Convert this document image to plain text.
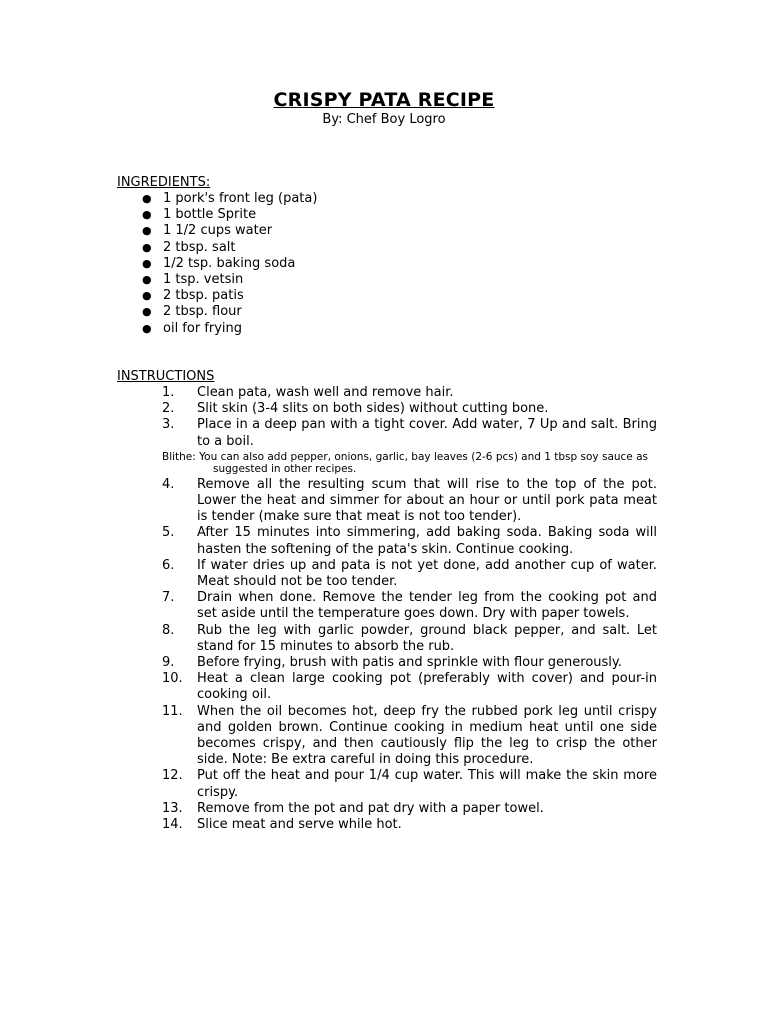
CRISPY PATA RECIPE
By: Chef Boy Logro
INGREDIENTS:
● 1 pork's front leg (pata)
● 1 bottle Sprite
● 1 1/2 cups water
● 2 tbsp. salt
● 1/2 tsp. baking soda
● 1 tsp. vetsin
● 2 tbsp. patis
● 2 tbsp. flour
● oil for frying
INSTRUCTIONS
1. Clean pata, wash well and remove hair.
2. Slit skin (3-4 slits on both sides) without cutting bone.
3. Place in a deep pan with a tight cover. Add water, 7 Up and salt. Bring to a boil.
Blithe: You can also add pepper, onions, garlic, bay leaves (2-6 pcs) and 1 tbsp soy sauce as suggested in other recipes.
4. Remove all the resulting scum that will rise to the top of the pot. Lower the heat and simmer for about an hour or until pork pata meat is tender (make sure that meat is not too tender).
5. After 15 minutes into simmering, add baking soda. Baking soda will hasten the softening of the pata's skin. Continue cooking.
6. If water dries up and pata is not yet done, add another cup of water. Meat should not be too tender.
7. Drain when done. Remove the tender leg from the cooking pot and set aside until the temperature goes down. Dry with paper towels.
8. Rub the leg with garlic powder, ground black pepper, and salt. Let stand for 15 minutes to absorb the rub.
9. Before frying, brush with patis and sprinkle with flour generously.
10. Heat a clean large cooking pot (preferably with cover) and pour-in cooking oil.
11. When the oil becomes hot, deep fry the rubbed pork leg until crispy and golden brown. Continue cooking in medium heat until one side becomes crispy, and then cautiously flip the leg to crisp the other side. Note: Be extra careful in doing this procedure.
12. Put off the heat and pour 1/4 cup water. This will make the skin more crispy.
13. Remove from the pot and pat dry with a paper towel.
14. Slice meat and serve while hot.
